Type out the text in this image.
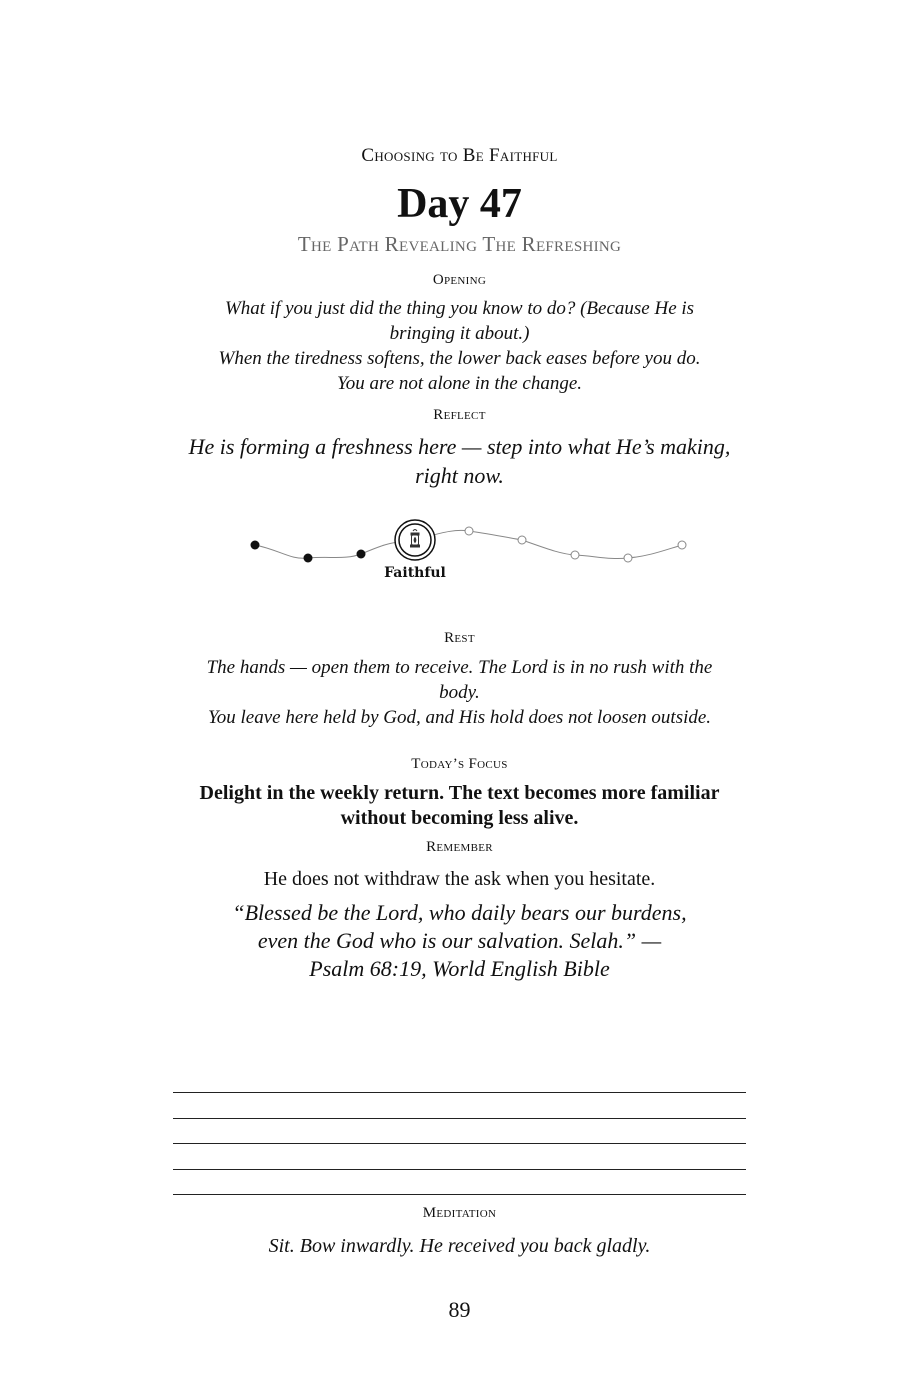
Choosing to Be Faithful
Day 47
The Path Revealing The Refreshing
Opening
What if you just did the thing you know to do? (Because He is
bringing it about.)
When the tiredness softens, the lower back eases before you do.
You are not alone in the change.
Reflect
He is forming a freshness here — step into what He’s making,
right now.
Faithful
Rest
The hands — open them to receive. The Lord is in no rush with the
body.
You leave here held by God, and His hold does not loosen outside.
Today’s Focus
Delight in the weekly return. The text becomes more familiar
without becoming less alive.
Remember
He does not withdraw the ask when you hesitate.
“Blessed be the Lord, who daily bears our burdens,
even the God who is our salvation. Selah.” —
Psalm 68:19, World English Bible
Meditation
Sit. Bow inwardly. He received you back gladly.
89
